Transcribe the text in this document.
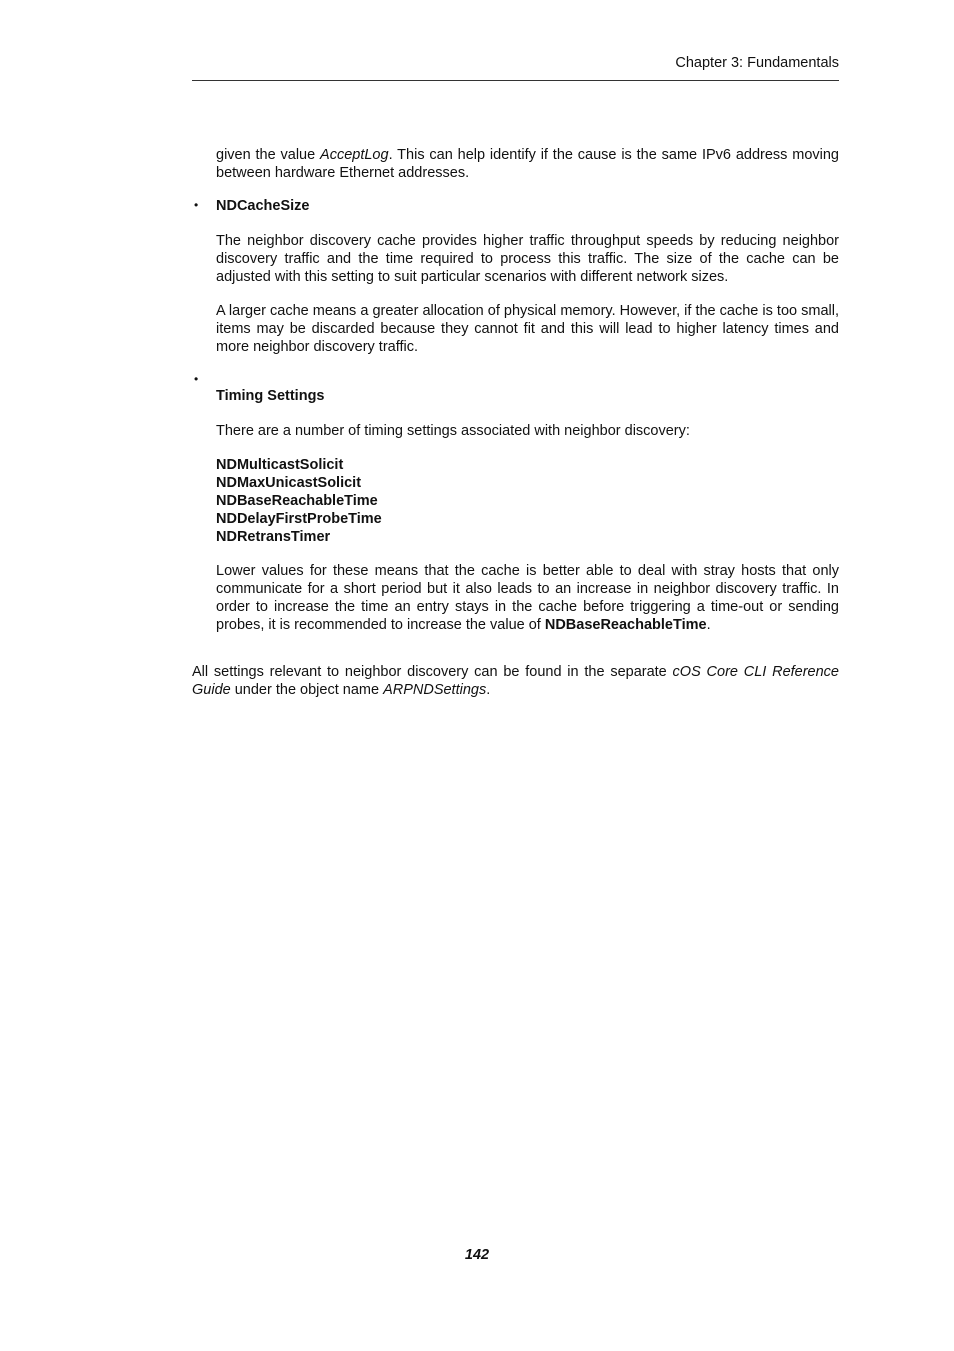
Chapter 3: Fundamentals

given the value AcceptLog. This can help identify if the cause is the same IPv6 address moving between hardware Ethernet addresses.

• NDCacheSize

The neighbor discovery cache provides higher traffic throughput speeds by reducing neighbor discovery traffic and the time required to process this traffic. The size of the cache can be adjusted with this setting to suit particular scenarios with different network sizes.

A larger cache means a greater allocation of physical memory. However, if the cache is too small, items may be discarded because they cannot fit and this will lead to higher latency times and more neighbor discovery traffic.

•
Timing Settings

There are a number of timing settings associated with neighbor discovery:

NDMulticastSolicit
NDMaxUnicastSolicit
NDBaseReachableTime
NDDelayFirstProbeTime
NDRetransTimer

Lower values for these means that the cache is better able to deal with stray hosts that only communicate for a short period but it also leads to an increase in neighbor discovery traffic. In order to increase the time an entry stays in the cache before triggering a time-out or sending probes, it is recommended to increase the value of NDBaseReachableTime.

All settings relevant to neighbor discovery can be found in the separate cOS Core CLI Reference Guide under the object name ARPNDSettings.

142
